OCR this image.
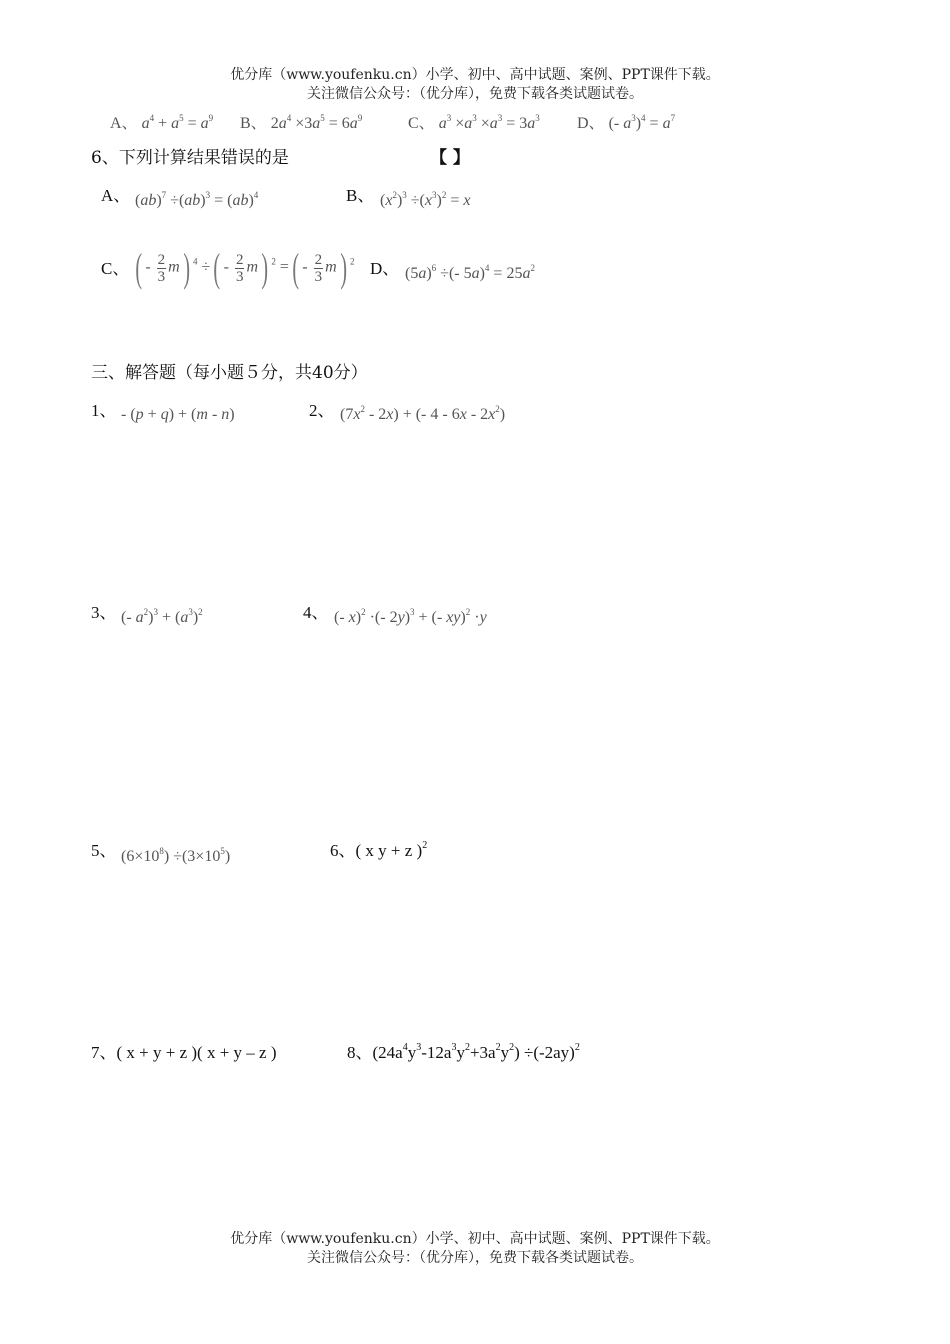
优分库（www.youfenku.cn）小学、初中、高中试题、案例、PPT课件下载。
关注微信公众号：（优分库），免费下载各类试题试卷。
A、 $a^4 + a^5 = a^9$ B、 $2a^4 \times 3a^5 = 6a^9$	C、 $a^3 \times a^3 \times a^3 = 3a^3$ D、 (- $a^3)^4 = a^7$
6、下列计算结果错误的是	【 】
A、 (ab)$^7$ ÷(ab)$^3$ = (ab)$^4$	B、 $(x^2)^3 \div(x^3)^2 = x$
C、 ( - $\frac{2}{3} m$) $^4$ ÷( - $\frac{2}{3} m$) $^2$ =( - $\frac{2}{3} m$) $^2$ D、 $(5a)^6$ ÷(- $5a)^4 = 25a^2$
三、解答题（每小题５分，共40分）
1、 - (p + q) + (m - n)	2、 $(7x^2 - 2x)$ + (- $4 - 6x - 2x^2$)
3、 (- $a^2)^3 + (a^3)^2$	4、 (- x)$^2$ ·(- 2y)$^3$ + (- xy)$^2$ ·y
5、 $(6\times 10^8) \div(3\times 10^5)$	6、( x y + z )$^2$
7、( x + y + z )( x + y – z )	8、$(24a^4y^3-12a^3y^2+3a^2y^2) \div(-2ay)^2$
优分库（www.youfenku.cn）小学、初中、高中试题、案例、PPT课件下载。
关注微信公众号：（优分库），免费下载各类试题试卷。
